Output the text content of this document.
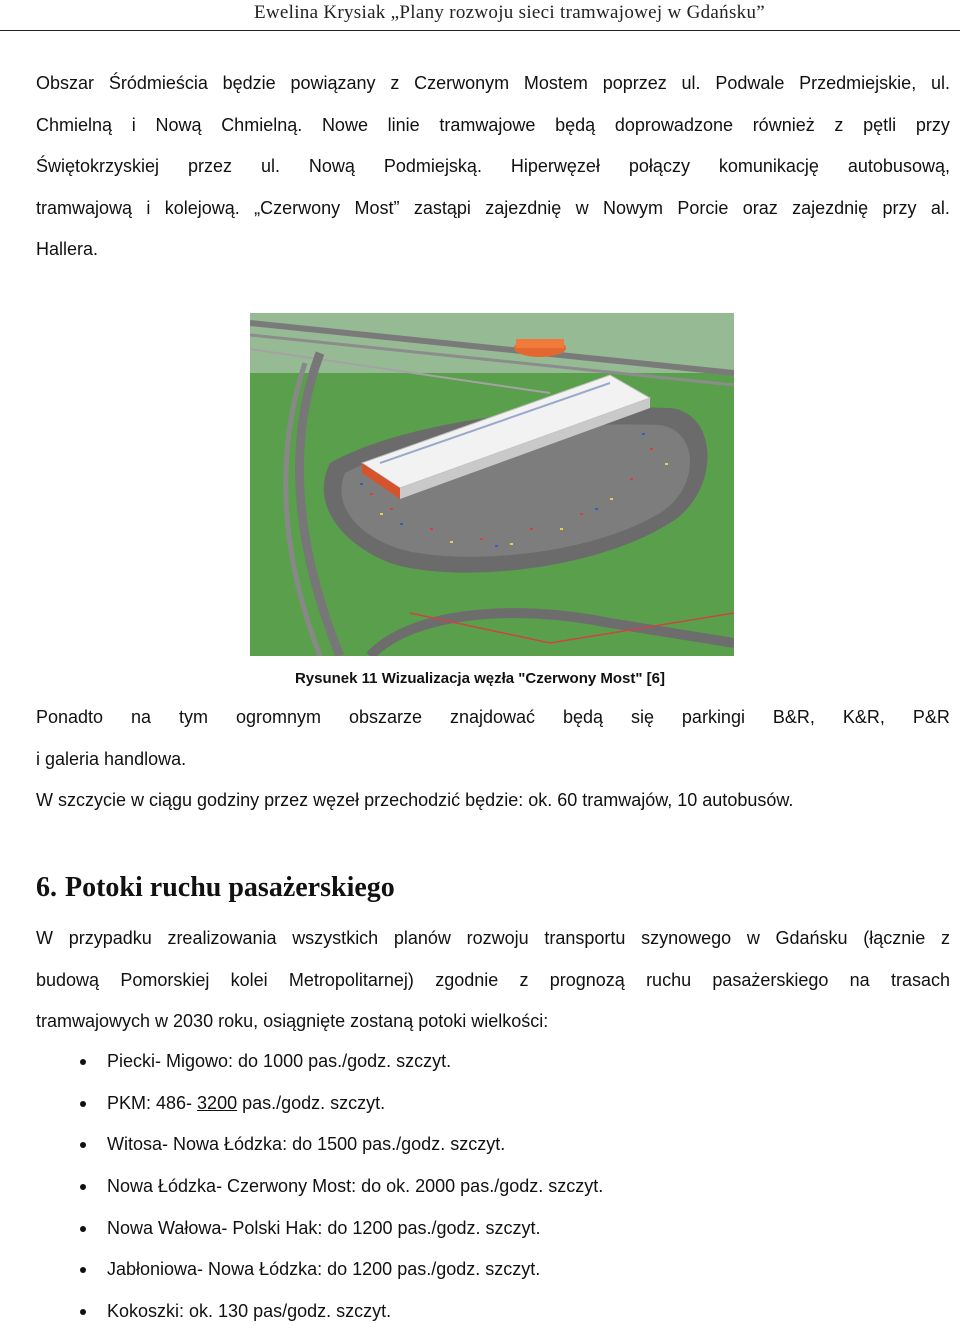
Ewelina Krysiak „Plany rozwoju sieci tramwajowej w Gdańsku”
Obszar Śródmieścia będzie powiązany z Czerwonym Mostem poprzez ul. Podwale Przedmiejskie, ul.
Chmielną i Nową Chmielną. Nowe linie tramwajowe będą doprowadzone również z pętli przy
Świętokrzyskiej przez ul. Nową Podmiejską. Hiperwęzeł połączy komunikację autobusową,
tramwajową i kolejową. „Czerwony Most” zastąpi zajezdnię w Nowym Porcie oraz zajezdnię przy al.
Hallera.
Rysunek 11 Wizualizacja węzła "Czerwony Most" [6]
Ponadto na tym ogromnym obszarze znajdować będą się parkingi B&R, K&R, P&R
i galeria handlowa.
W szczycie w ciągu godziny przez węzeł przechodzić będzie: ok. 60 tramwajów, 10 autobusów.
6. Potoki ruchu pasażerskiego
W przypadku zrealizowania wszystkich planów rozwoju transportu szynowego w Gdańsku (łącznie z
budową Pomorskiej kolei Metropolitarnej) zgodnie z prognozą ruchu pasażerskiego na trasach
tramwajowych w 2030 roku, osiągnięte zostaną potoki wielkości:
Piecki- Migowo: do 1000 pas./godz. szczyt.
PKM: 486- 3200 pas./godz. szczyt.
Witosa- Nowa Łódzka: do 1500 pas./godz. szczyt.
Nowa Łódzka- Czerwony Most: do ok. 2000 pas./godz. szczyt.
Nowa Wałowa- Polski Hak: do 1200 pas./godz. szczyt.
Jabłoniowa- Nowa Łódzka: do 1200 pas./godz. szczyt.
Kokoszki: ok. 130 pas/godz. szczyt.
